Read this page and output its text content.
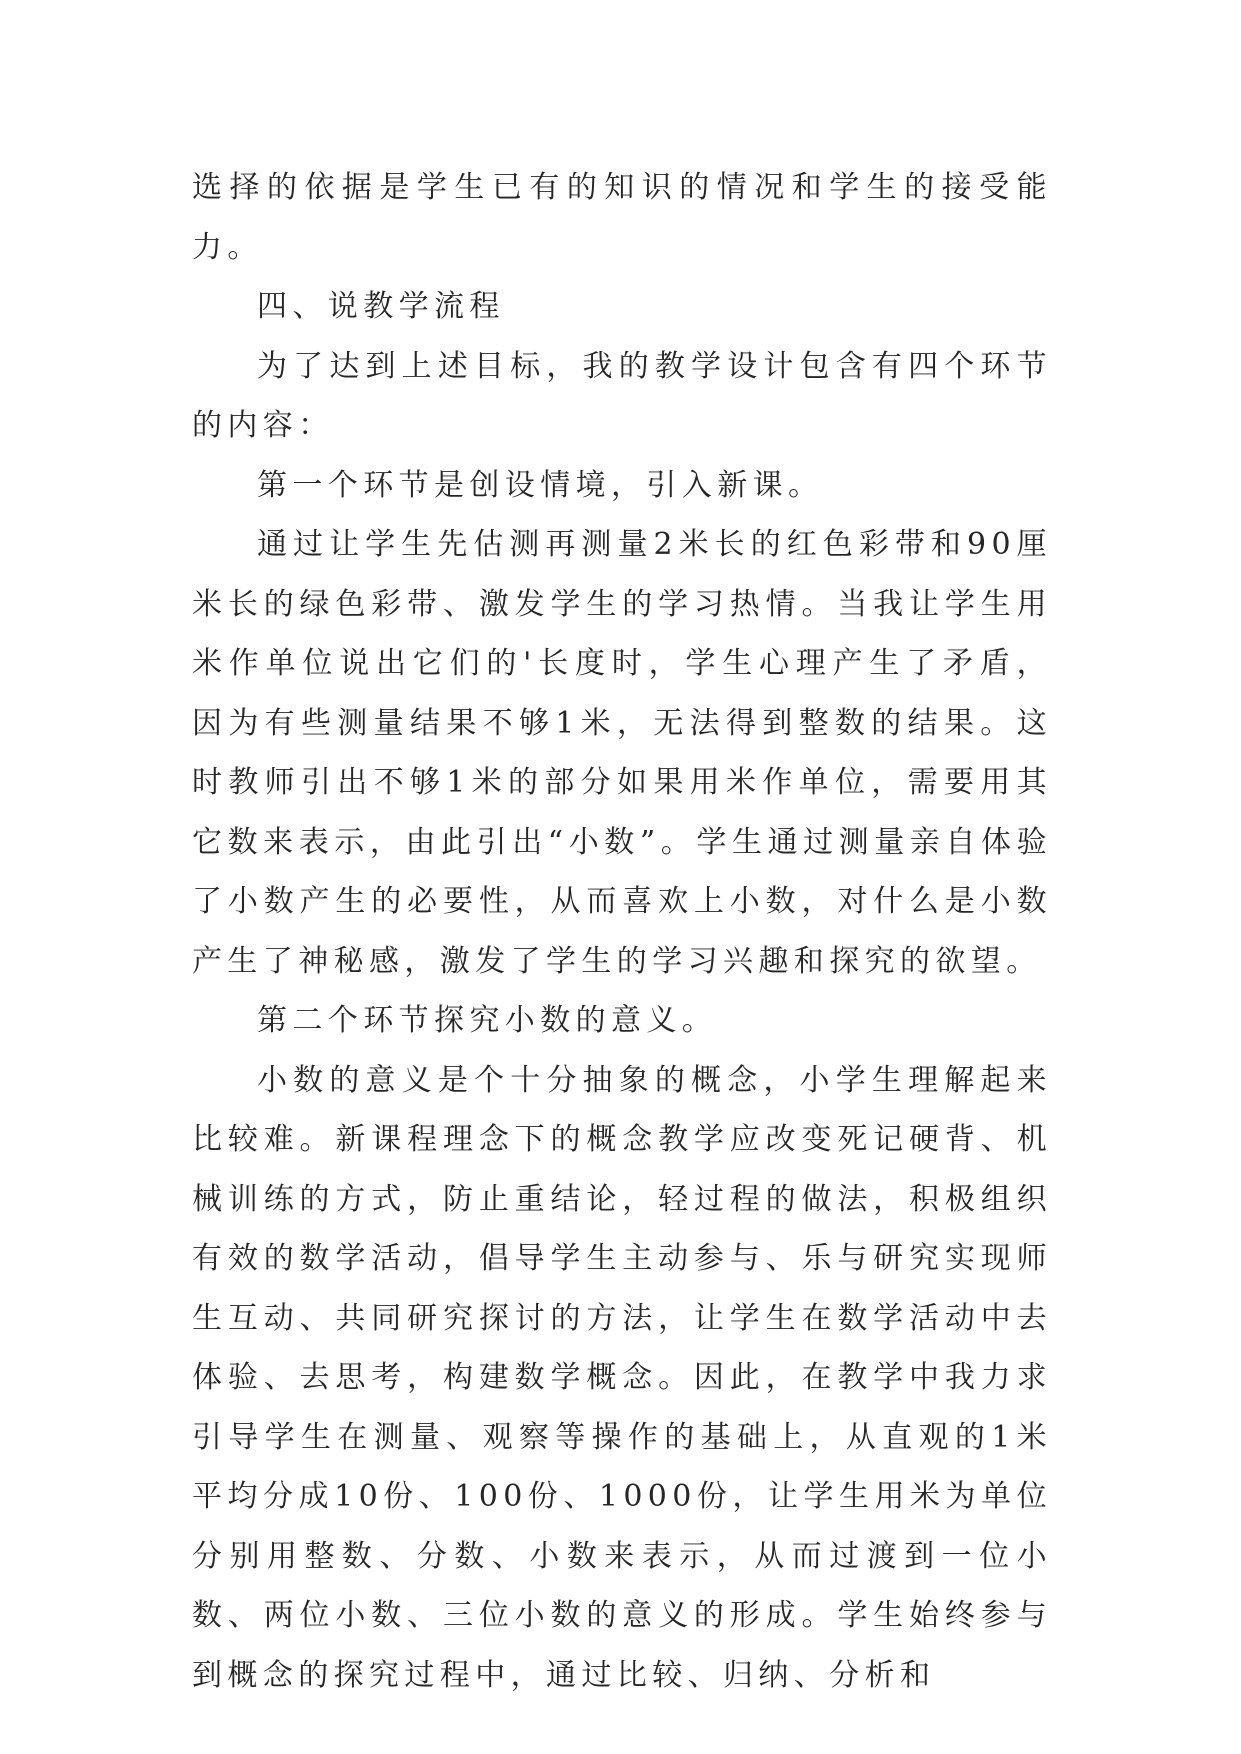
选择的依据是学生已有的知识的情况和学生的接受能力。

四、说教学流程

为了达到上述目标，我的教学设计包含有四个环节的内容：

第一个环节是创设情境，引入新课。

通过让学生先估测再测量2米长的红色彩带和90厘米长的绿色彩带、激发学生的学习热情。当我让学生用米作单位说出它们的'长度时，学生心理产生了矛盾，因为有些测量结果不够1米，无法得到整数的结果。这时教师引出不够1米的部分如果用米作单位，需要用其它数来表示，由此引出“小数”。学生通过测量亲自体验了小数产生的必要性，从而喜欢上小数，对什么是小数产生了神秘感，激发了学生的学习兴趣和探究的欲望。

第二个环节探究小数的意义。

小数的意义是个十分抽象的概念，小学生理解起来比较难。新课程理念下的概念教学应改变死记硬背、机械训练的方式，防止重结论，轻过程的做法，积极组织有效的数学活动，倡导学生主动参与、乐与研究实现师生互动、共同研究探讨的方法，让学生在数学活动中去体验、去思考，构建数学概念。因此，在教学中我力求引导学生在测量、观察等操作的基础上，从直观的1米平均分成10份、100份、1000份，让学生用米为单位分别用整数、分数、小数来表示，从而过渡到一位小数、两位小数、三位小数的意义的形成。学生始终参与到概念的探究过程中，通过比较、归纳、分析和
